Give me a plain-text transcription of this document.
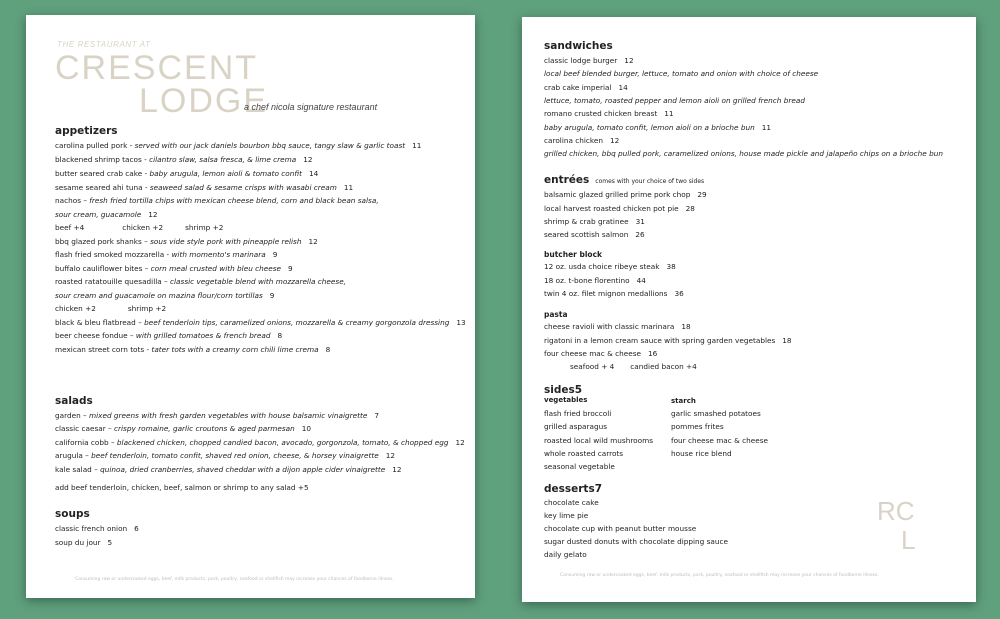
THE RESTAURANT AT
CRESCENT
LODGE
a chef nicola signature restaurant
appetizers
carolina pulled pork - served with our jack daniels bourbon bbq sauce, tangy slaw & garlic toast 11
blackened shrimp tacos - cilantro slaw, salsa fresca, & lime crema 12
butter seared crab cake - baby arugula, lemon aioli & tomato confit 14
sesame seared ahi tuna - seaweed salad & sesame crisps with wasabi cream 11
nachos – fresh fried tortilla chips with mexican cheese blend, corn and black bean salsa,
sour cream, guacamole 12
beef +4	chicken +2	shrimp +2
bbq glazed pork shanks – sous vide style pork with pineapple relish 12
flash fried smoked mozzarella - with momento's marinara 9
buffalo cauliflower bites – corn meal crusted with bleu cheese 9
roasted ratatouille quesadilla – classic vegetable blend with mozzarella cheese,
sour cream and guacamole on mazina flour/corn tortillas 9
chicken +2	shrimp +2
black & bleu flatbread – beef tenderloin tips, caramelized onions, mozzarella & creamy gorgonzola dressing 13
beer cheese fondue – with grilled tomatoes & french bread 8
mexican street corn tots - tater tots with a creamy corn chili lime crema 8
salads
garden – mixed greens with fresh garden vegetables with house balsamic vinaigrette 7
classic caesar – crispy romaine, garlic croutons & aged parmesan 10
california cobb – blackened chicken, chopped candied bacon, avocado, gorgonzola, tomato, & chopped egg 12
arugula – beef tenderloin, tomato confit, shaved red onion, cheese, & horsey vinaigrette 12
kale salad – quinoa, dried cranberries, shaved cheddar with a dijon apple cider vinaigrette 12
add beef tenderloin, chicken, beef, salmon or shrimp to any salad +5
soups
classic french onion 6
soup du jour 5
Consuming raw or undercooked eggs, beef, milk products, pork, poultry, seafood or shellfish may increase your chances of foodborne illness.
sandwiches
classic lodge burger 12
local beef blended burger, lettuce, tomato and onion with choice of cheese
crab cake imperial 14
lettuce, tomato, roasted pepper and lemon aioli on grilled french bread
romano crusted chicken breast 11
baby arugula, tomato confit, lemon aioli on a brioche bun 11
carolina chicken 12
grilled chicken, bbq pulled pork, caramelized onions, house made pickle and jalapeño chips on a brioche bun
entrées comes with your choice of two sides
balsamic glazed grilled prime pork chop 29
local harvest roasted chicken pot pie 28
shrimp & crab gratinee 31
seared scottish salmon 26
butcher block
12 oz. usda choice ribeye steak 38
18 oz. t-bone florentino 44
twin 4 oz. filet mignon medallions 36
pasta
cheese ravioli with classic marinara 18
rigatoni in a lemon cream sauce with spring garden vegetables 18
four cheese mac & cheese 16
seafood + 4 candied bacon +4
sides5
vegetables
flash fried broccoli
grilled asparagus
roasted local wild mushrooms
whole roasted carrots
seasonal vegetable
starch
garlic smashed potatoes
pommes frites
four cheese mac & cheese
house rice blend
desserts7
chocolate cake
key lime pie
chocolate cup with peanut butter mousse
sugar dusted donuts with chocolate dipping sauce
daily gelato
RC
L
Consuming raw or undercooked eggs, beef, milk products, pork, poultry, seafood or shellfish may increase your chances of foodborne illness.
